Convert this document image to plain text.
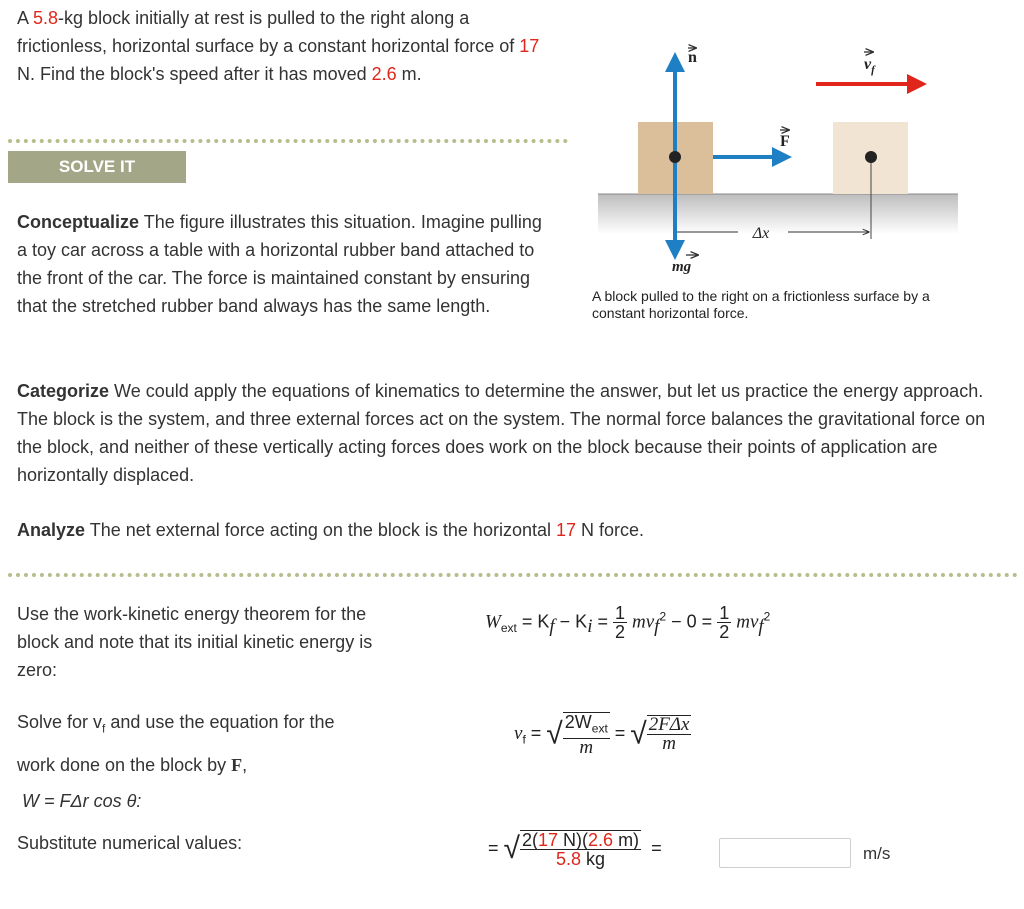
A 5.8-kg block initially at rest is pulled to the right along a frictionless, horizontal surface by a constant horizontal force of 17 N. Find the block's speed after it has moved 2.6 m.

SOLVE IT

Conceptualize The figure illustrates this situation. Imagine pulling a toy car across a table with a horizontal rubber band attached to the front of the car. The force is maintained constant by ensuring that the stretched rubber band always has the same length.

Δx
n
mg
F
$v_f$
A block pulled to the right on a frictionless surface by a constant horizontal force.

Categorize We could apply the equations of kinematics to determine the answer, but let us practice the energy approach. The block is the system, and three external forces act on the system. The normal force balances the gravitational force on the block, and neither of these vertically acting forces does work on the block because their points of application are horizontally displaced.

Analyze The net external force acting on the block is the horizontal 17 N force.

Use the work-kinetic energy theorem for the block and note that its initial kinetic energy is zero:
Solve for $v_f$ and use the equation for the
work done on the block by F,
W = FΔr cos θ:
Substitute numerical values:
$W_{ext} = K_f - K_i = \frac{1}{2} mv_f^2 - 0 = \frac{1}{2} mv_f^2$
$v_f$ = √ $\frac{2W_{ext}}{m}$ = √ $\frac{\text{2FΔx}}{m}$
= √ $\frac{2(17 N)(2.6 m)}{5.8 kg}$ =	m/s
